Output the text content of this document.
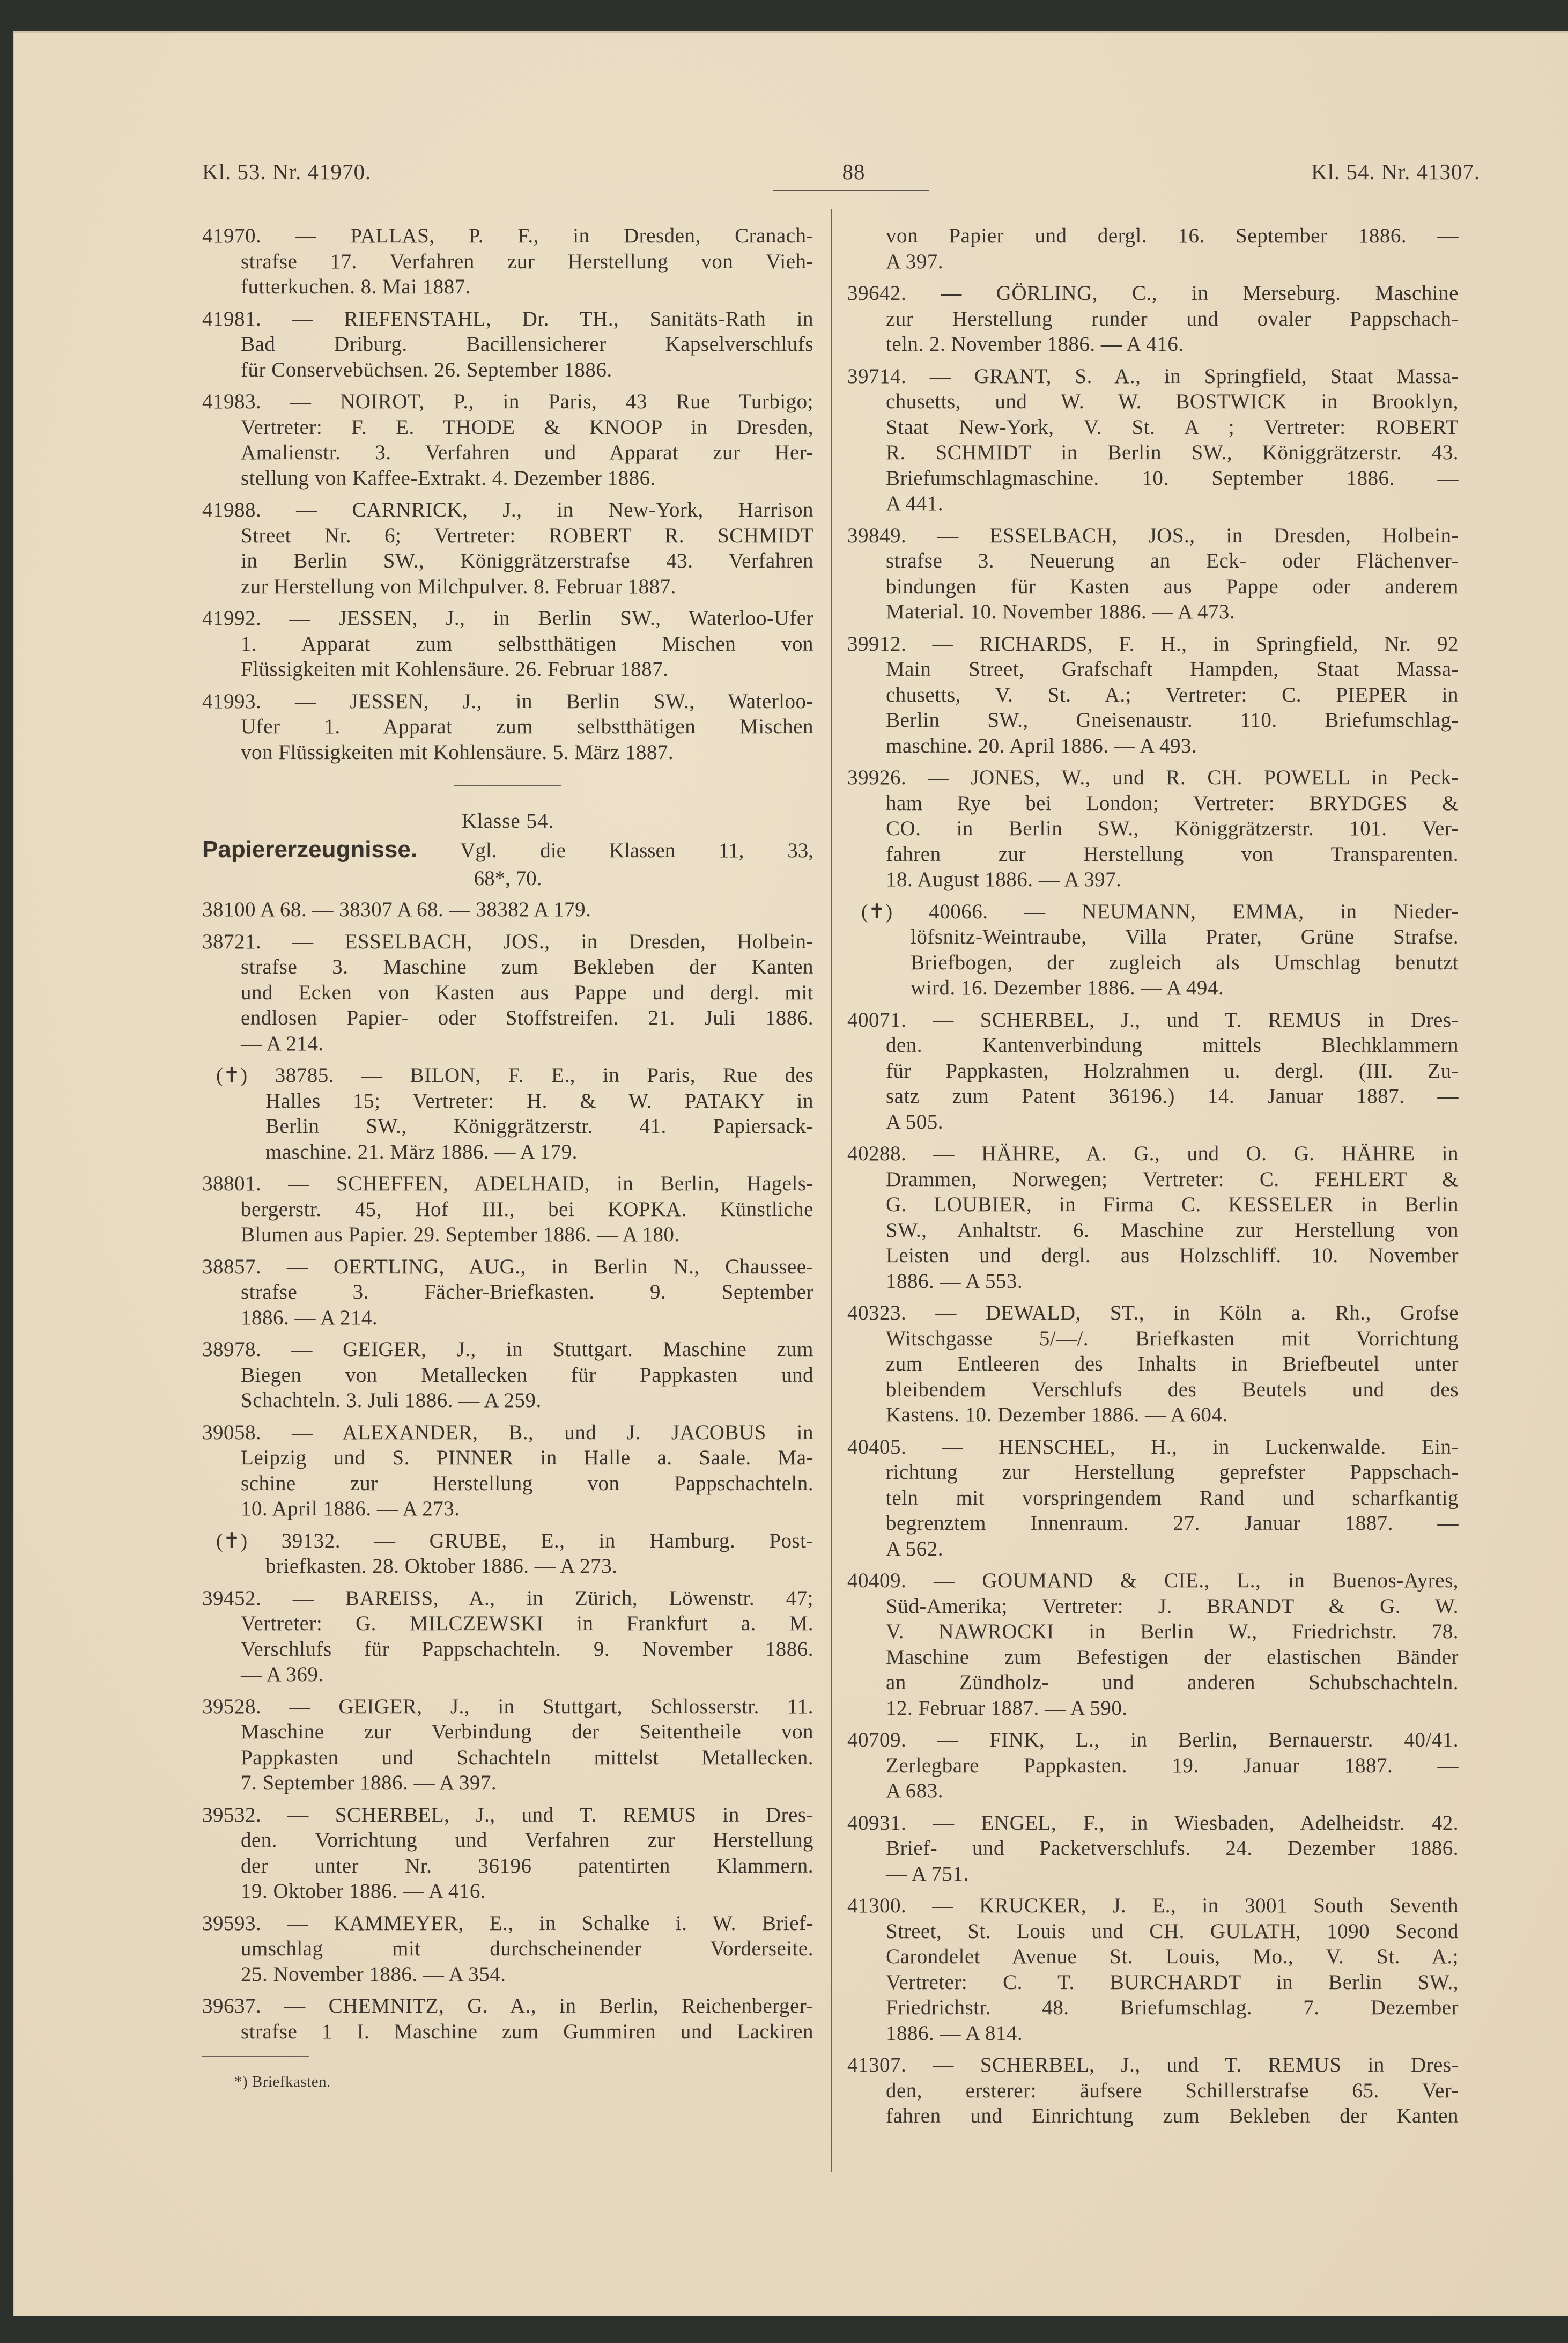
Kl. 53. Nr. 41970.	88	Kl. 54. Nr. 41307.
41970. — PALLAS, P. F., in Dresden, Cranach-
strafse 17. Verfahren zur Herstellung von Vieh-
futterkuchen. 8. Mai 1887.
41981. — RIEFENSTAHL, Dr. TH., Sanitäts-Rath in
Bad Driburg. Bacillensicherer Kapselverschlufs
für Conservebüchsen. 26. September 1886.
41983. — NOIROT, P., in Paris, 43 Rue Turbigo;
Vertreter: F. E. THODE & KNOOP in Dresden,
Amalienstr. 3. Verfahren und Apparat zur Her-
stellung von Kaffee-Extrakt. 4. Dezember 1886.
41988. — CARNRICK, J., in New-York, Harrison
Street Nr. 6; Vertreter: ROBERT R. SCHMIDT
in Berlin SW., Königgrätzerstrafse 43. Verfahren
zur Herstellung von Milchpulver. 8. Februar 1887.
41992. — JESSEN, J., in Berlin SW., Waterloo-Ufer
1. Apparat zum selbstthätigen Mischen von
Flüssigkeiten mit Kohlensäure. 26. Februar 1887.
41993. — JESSEN, J., in Berlin SW., Waterloo-
Ufer 1. Apparat zum selbstthätigen Mischen
von Flüssigkeiten mit Kohlensäure. 5. März 1887.
Klasse 54.
Papiererzeugnisse. Vgl. die Klassen 11, 33,
68*, 70.
38100 A 68. — 38307 A 68. — 38382 A 179.
38721. — ESSELBACH, JOS., in Dresden, Holbein-
strafse 3. Maschine zum Bekleben der Kanten
und Ecken von Kasten aus Pappe und dergl. mit
endlosen Papier- oder Stoffstreifen. 21. Juli 1886.
— A 214.
(✝) 38785. — BILON, F. E., in Paris, Rue des
Halles 15; Vertreter: H. & W. PATAKY in
Berlin SW., Königgrätzerstr. 41. Papiersack-
maschine. 21. März 1886. — A 179.
38801. — SCHEFFEN, ADELHAID, in Berlin, Hagels-
bergerstr. 45, Hof III., bei KOPKA. Künstliche
Blumen aus Papier. 29. September 1886. — A 180.
38857. — OERTLING, AUG., in Berlin N., Chaussee-
strafse 3. Fächer-Briefkasten. 9. September
1886. — A 214.
38978. — GEIGER, J., in Stuttgart. Maschine zum
Biegen von Metallecken für Pappkasten und
Schachteln. 3. Juli 1886. — A 259.
39058. — ALEXANDER, B., und J. JACOBUS in
Leipzig und S. PINNER in Halle a. Saale. Ma-
schine zur Herstellung von Pappschachteln.
10. April 1886. — A 273.
(✝) 39132. — GRUBE, E., in Hamburg. Post-
briefkasten. 28. Oktober 1886. — A 273.
39452. — BAREISS, A., in Zürich, Löwenstr. 47;
Vertreter: G. MILCZEWSKI in Frankfurt a. M.
Verschlufs für Pappschachteln. 9. November 1886.
— A 369.
39528. — GEIGER, J., in Stuttgart, Schlosserstr. 11.
Maschine zur Verbindung der Seitentheile von
Pappkasten und Schachteln mittelst Metallecken.
7. September 1886. — A 397.
39532. — SCHERBEL, J., und T. REMUS in Dres-
den. Vorrichtung und Verfahren zur Herstellung
der unter Nr. 36196 patentirten Klammern.
19. Oktober 1886. — A 416.
39593. — KAMMEYER, E., in Schalke i. W. Brief-
umschlag mit durchscheinender Vorderseite.
25. November 1886. — A 354.
39637. — CHEMNITZ, G. A., in Berlin, Reichenberger-
strafse 1 I. Maschine zum Gummiren und Lackiren
*) Briefkasten.
von Papier und dergl. 16. September 1886. —
A 397.
39642. — GÖRLING, C., in Merseburg. Maschine
zur Herstellung runder und ovaler Pappschach-
teln. 2. November 1886. — A 416.
39714. — GRANT, S. A., in Springfield, Staat Massa-
chusetts, und W. W. BOSTWICK in Brooklyn,
Staat New-York, V. St. A ; Vertreter: ROBERT
R. SCHMIDT in Berlin SW., Königgrätzerstr. 43.
Briefumschlagmaschine. 10. September 1886. —
A 441.
39849. — ESSELBACH, JOS., in Dresden, Holbein-
strafse 3. Neuerung an Eck- oder Flächenver-
bindungen für Kasten aus Pappe oder anderem
Material. 10. November 1886. — A 473.
39912. — RICHARDS, F. H., in Springfield, Nr. 92
Main Street, Grafschaft Hampden, Staat Massa-
chusetts, V. St. A.; Vertreter: C. PIEPER in
Berlin SW., Gneisenaustr. 110. Briefumschlag-
maschine. 20. April 1886. — A 493.
39926. — JONES, W., und R. CH. POWELL in Peck-
ham Rye bei London; Vertreter: BRYDGES &
CO. in Berlin SW., Königgrätzerstr. 101. Ver-
fahren zur Herstellung von Transparenten.
18. August 1886. — A 397.
(✝) 40066. — NEUMANN, EMMA, in Nieder-
löfsnitz-Weintraube, Villa Prater, Grüne Strafse.
Briefbogen, der zugleich als Umschlag benutzt
wird. 16. Dezember 1886. — A 494.
40071. — SCHERBEL, J., und T. REMUS in Dres-
den. Kantenverbindung mittels Blechklammern
für Pappkasten, Holzrahmen u. dergl. (III. Zu-
satz zum Patent 36196.) 14. Januar 1887. —
A 505.
40288. — HÄHRE, A. G., und O. G. HÄHRE in
Drammen, Norwegen; Vertreter: C. FEHLERT &
G. LOUBIER, in Firma C. KESSELER in Berlin
SW., Anhaltstr. 6. Maschine zur Herstellung von
Leisten und dergl. aus Holzschliff. 10. November
1886. — A 553.
40323. — DEWALD, ST., in Köln a. Rh., Grofse
Witschgasse 5/—/. Briefkasten mit Vorrichtung
zum Entleeren des Inhalts in Briefbeutel unter
bleibendem Verschlufs des Beutels und des
Kastens. 10. Dezember 1886. — A 604.
40405. — HENSCHEL, H., in Luckenwalde. Ein-
richtung zur Herstellung geprefster Pappschach-
teln mit vorspringendem Rand und scharfkantig
begrenztem Innenraum. 27. Januar 1887. —
A 562.
40409. — GOUMAND & CIE., L., in Buenos-Ayres,
Süd-Amerika; Vertreter: J. BRANDT & G. W.
V. NAWROCKI in Berlin W., Friedrichstr. 78.
Maschine zum Befestigen der elastischen Bänder
an Zündholz- und anderen Schubschachteln.
12. Februar 1887. — A 590.
40709. — FINK, L., in Berlin, Bernauerstr. 40/41.
Zerlegbare Pappkasten. 19. Januar 1887. —
A 683.
40931. — ENGEL, F., in Wiesbaden, Adelheidstr. 42.
Brief- und Packetverschlufs. 24. Dezember 1886.
— A 751.
41300. — KRUCKER, J. E., in 3001 South Seventh
Street, St. Louis und CH. GULATH, 1090 Second
Carondelet Avenue St. Louis, Mo., V. St. A.;
Vertreter: C. T. BURCHARDT in Berlin SW.,
Friedrichstr. 48. Briefumschlag. 7. Dezember
1886. — A 814.
41307. — SCHERBEL, J., und T. REMUS in Dres-
den, ersterer: äufsere Schillerstrafse 65. Ver-
fahren und Einrichtung zum Bekleben der Kanten
